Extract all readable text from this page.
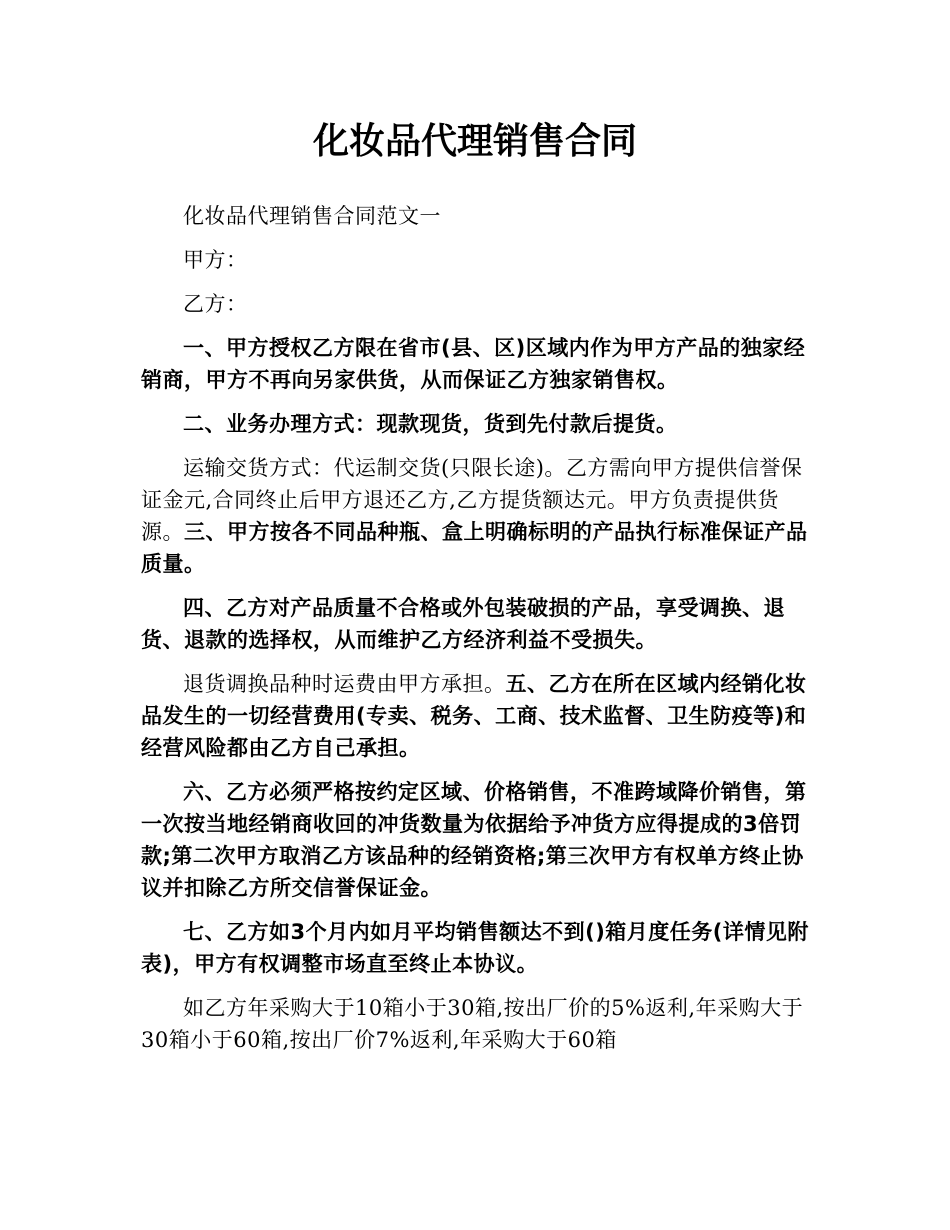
化妆品代理销售合同

化妆品代理销售合同范文一

甲方：

乙方：

一、甲方授权乙方限在省市(县、区)区域内作为甲方产品的独家经销商，甲方不再向另家供货，从而保证乙方独家销售权。

二、业务办理方式：现款现货，货到先付款后提货。

运输交货方式：代运制交货(只限长途)。乙方需向甲方提供信誉保证金元,合同终止后甲方退还乙方,乙方提货额达元。甲方负责提供货源。三、甲方按各不同品种瓶、盒上明确标明的产品执行标准保证产品质量。

四、乙方对产品质量不合格或外包装破损的产品，享受调换、退货、退款的选择权，从而维护乙方经济利益不受损失。

退货调换品种时运费由甲方承担。五、乙方在所在区域内经销化妆品发生的一切经营费用(专卖、税务、工商、技术监督、卫生防疫等)和经营风险都由乙方自己承担。

六、乙方必须严格按约定区域、价格销售，不准跨域降价销售，第一次按当地经销商收回的冲货数量为依据给予冲货方应得提成的3倍罚款;第二次甲方取消乙方该品种的经销资格;第三次甲方有权单方终止协议并扣除乙方所交信誉保证金。

七、乙方如3个月内如月平均销售额达不到()箱月度任务(详情见附表)，甲方有权调整市场直至终止本协议。

如乙方年采购大于10箱小于30箱,按出厂价的5%返利,年采购大于30箱小于60箱,按出厂价7%返利,年采购大于60箱
